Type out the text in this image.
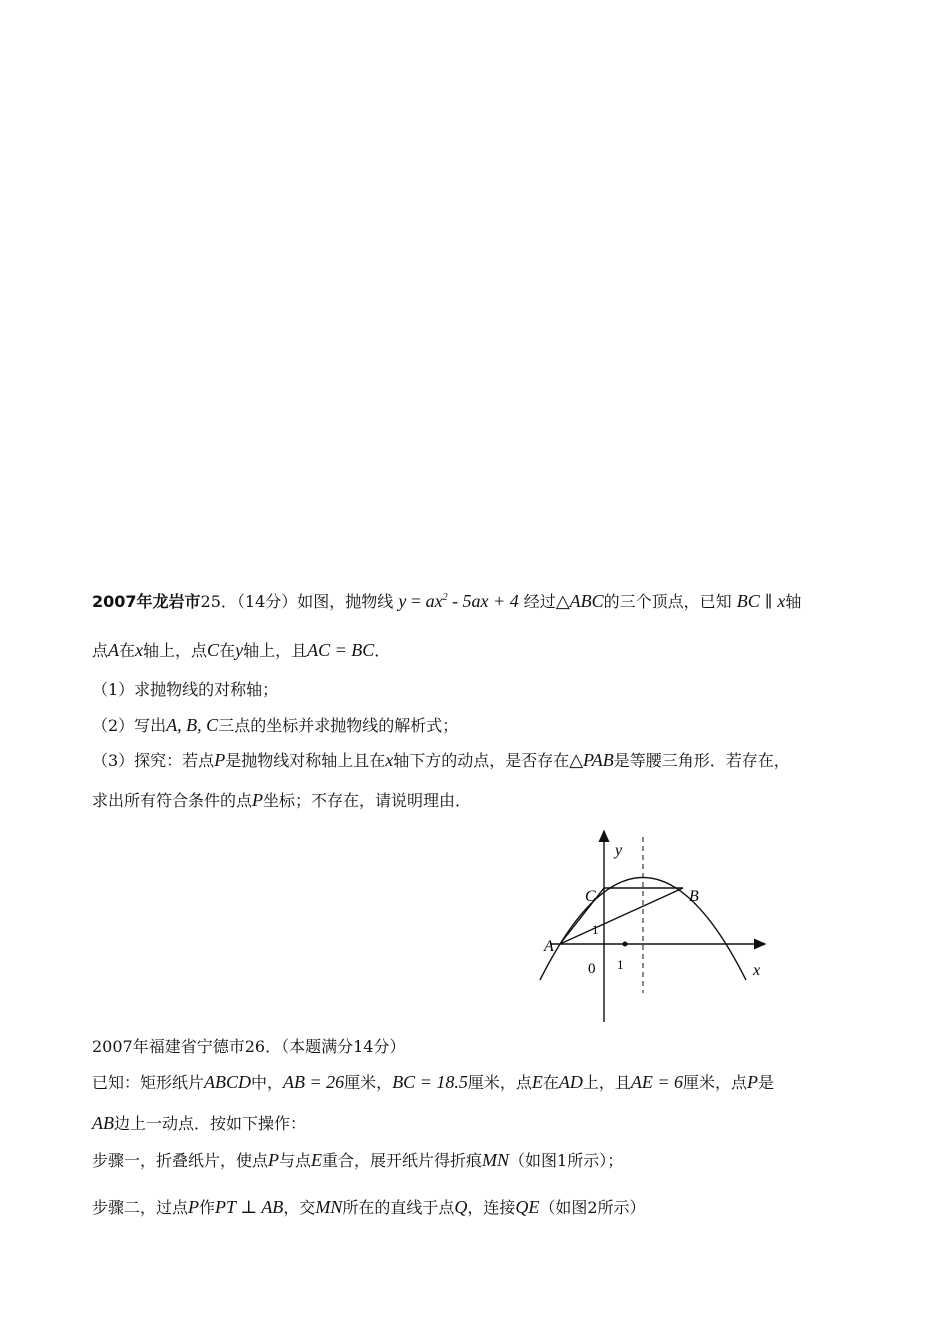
2007年龙岩市25．（14分）如图，抛物线 $y = ax^2 - 5ax + 4$ 经过△ABC的三个顶点，已知 BC ∥ x轴
点A在x轴上，点C在y轴上，且AC = BC．
（1）求抛物线的对称轴；
（2）写出A, B, C三点的坐标并求抛物线的解析式；
（3）探究：若点P是抛物线对称轴上且在x轴下方的动点，是否存在△PAB是等腰三角形．若存在，
求出所有符合条件的点P坐标；不存在，请说明理由．
y
x
C	B
A
0 1
1
2007年福建省宁德市26．（本题满分14分）
已知：矩形纸片ABCD中，AB = 26厘米，BC = 18.5厘米，点E在AD上，且AE = 6厘米，点P是
AB边上一动点．按如下操作：
步骤一，折叠纸片，使点P与点E重合，展开纸片得折痕MN（如图1所示）；
步骤二，过点P作PT ⊥ AB，交MN所在的直线于点Q，连接QE（如图2所示）
